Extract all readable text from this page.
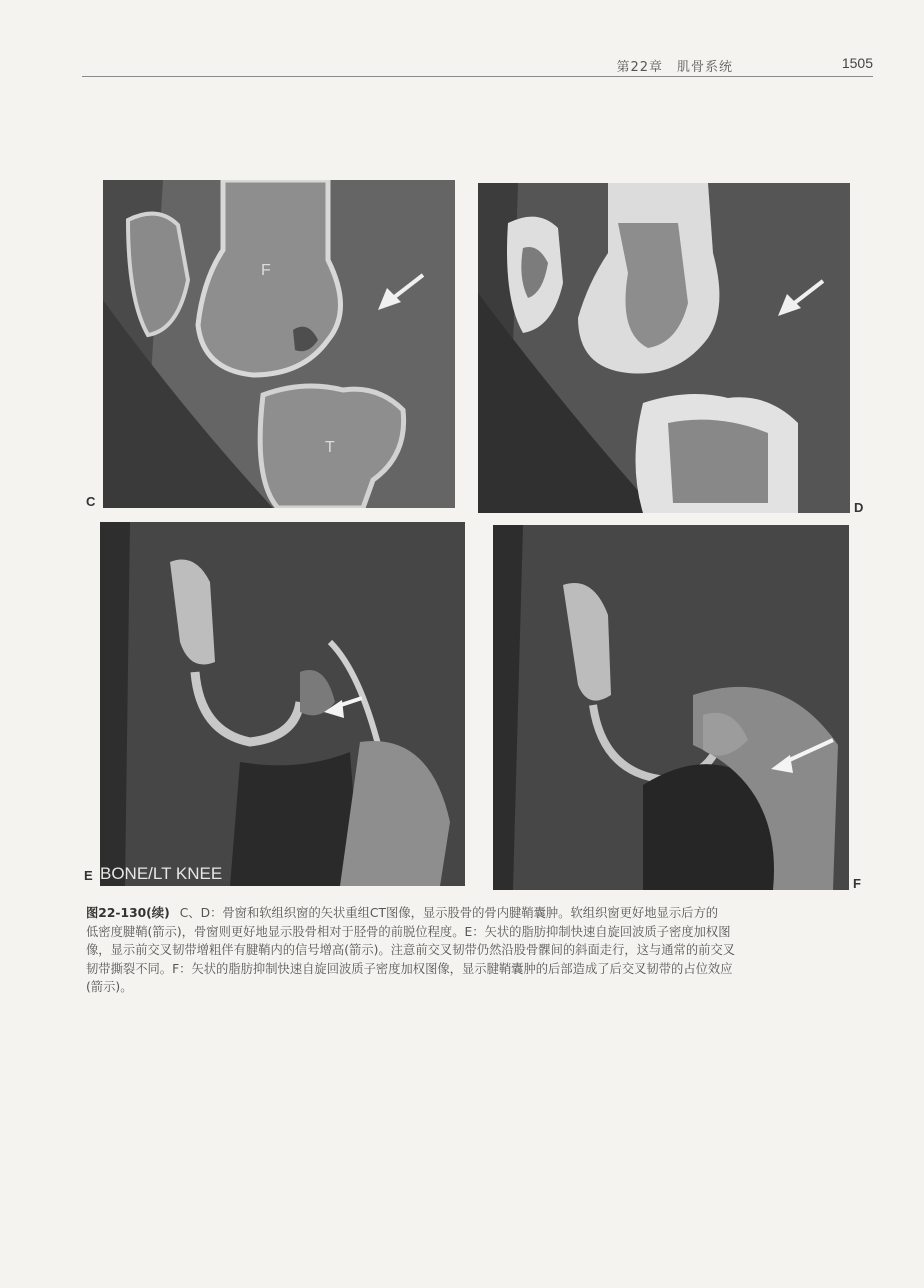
第22章　肌骨系统	1505
F
T
C	D
BONE/LT KNEE
E
F
图22-130(续) C、D：骨窗和软组织窗的矢状重组CT图像，显示股骨的骨内腱鞘囊肿。软组织窗更好地显示后方的
低密度腱鞘(箭示)，骨窗则更好地显示股骨相对于胫骨的前脱位程度。E：矢状的脂肪抑制快速自旋回波质子密度加权图
像，显示前交叉韧带增粗伴有腱鞘内的信号增高(箭示)。注意前交叉韧带仍然沿股骨髁间的斜面走行，这与通常的前交叉
韧带撕裂不同。F：矢状的脂肪抑制快速自旋回波质子密度加权图像，显示腱鞘囊肿的后部造成了后交叉韧带的占位效应
(箭示)。
